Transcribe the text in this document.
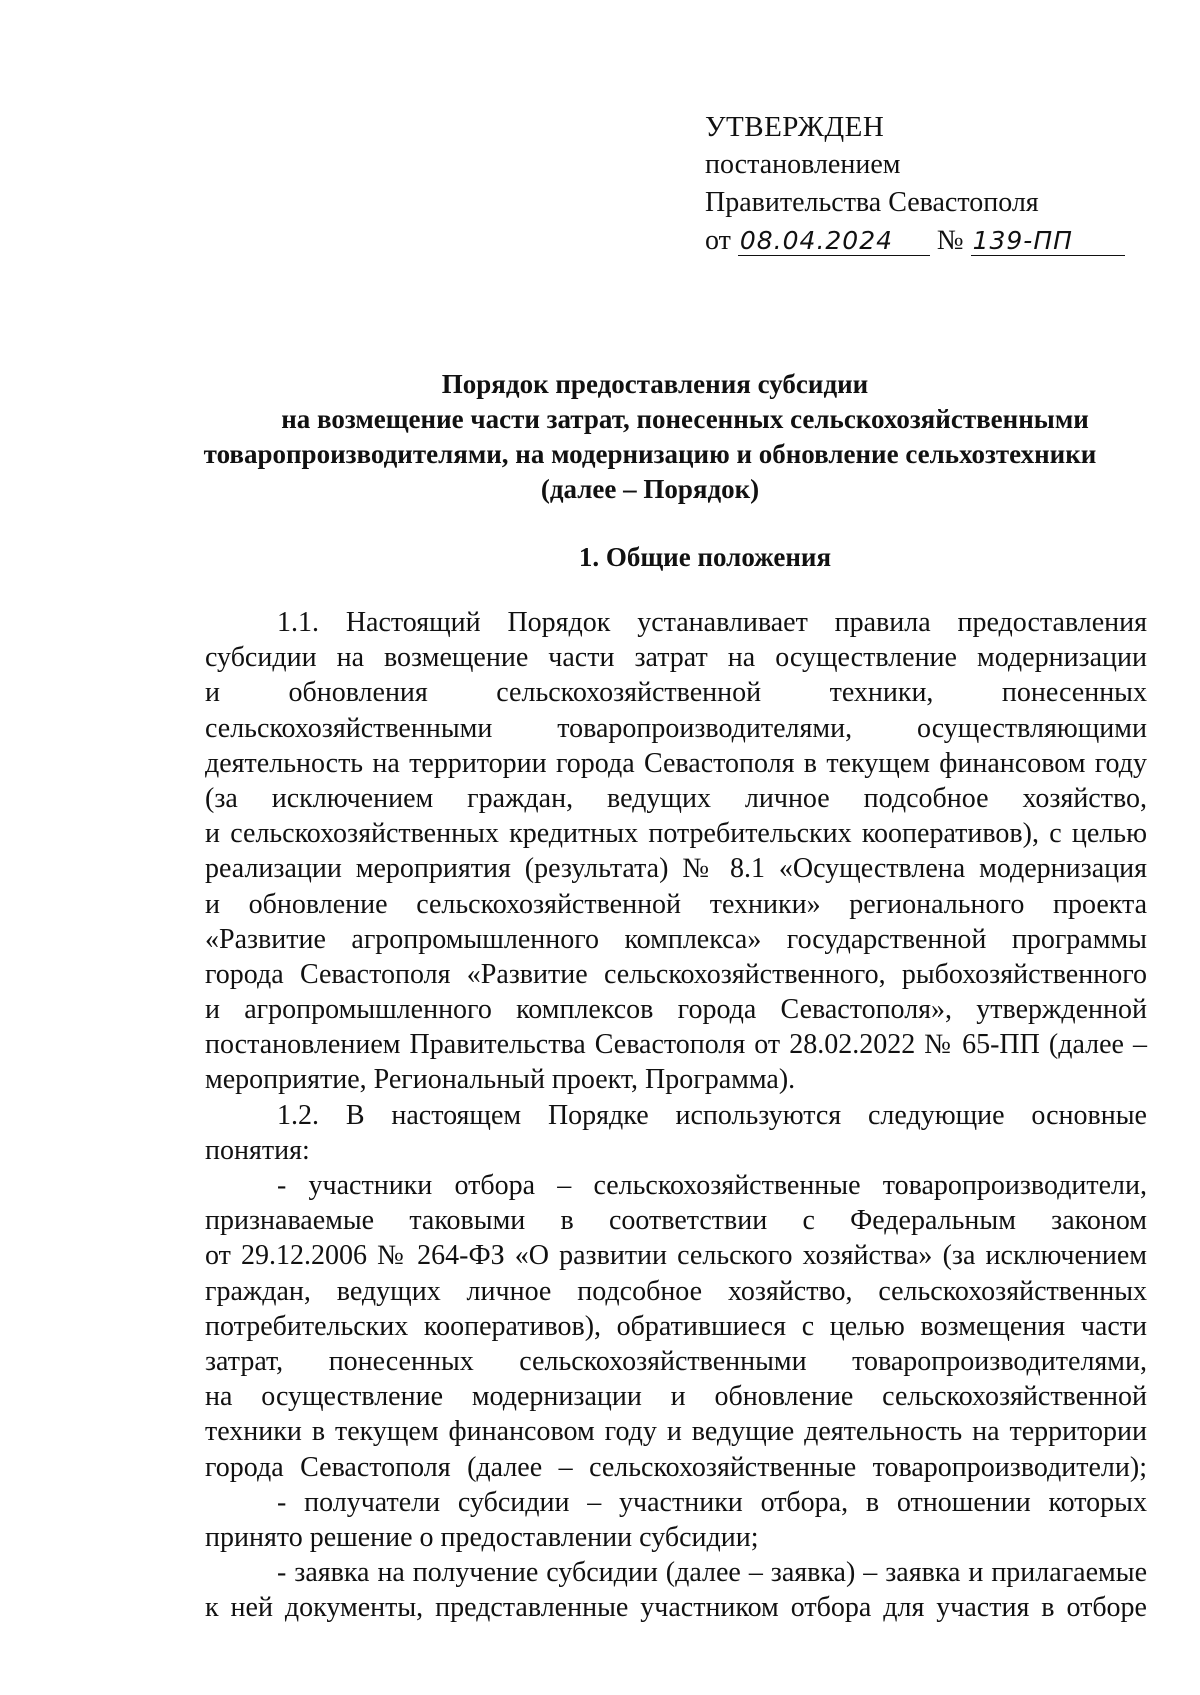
УТВЕРЖДЕН
постановлением
Правительства Севастополя
от 08.04.2024 № 139-ПП
Порядок предоставления субсидии
на возмещение части затрат, понесенных сельскохозяйственными
товаропроизводителями, на модернизацию и обновление сельхозтехники
(далее – Порядок)
1. Общие положения
1.1. Настоящий Порядок устанавливает правила предоставления
субсидии на возмещение части затрат на осуществление модернизации
и обновления сельскохозяйственной техники, понесенных
сельскохозяйственными товаропроизводителями, осуществляющими
деятельность на территории города Севастополя в текущем финансовом году
(за исключением граждан, ведущих личное подсобное хозяйство,
и сельскохозяйственных кредитных потребительских кооперативов), с целью
реализации мероприятия (результата) № 8.1 «Осуществлена модернизация
и обновление сельскохозяйственной техники» регионального проекта
«Развитие агропромышленного комплекса» государственной программы
города Севастополя «Развитие сельскохозяйственного, рыбохозяйственного
и агропромышленного комплексов города Севастополя», утвержденной
постановлением Правительства Севастополя от 28.02.2022 № 65-ПП (далее –
мероприятие, Региональный проект, Программа).
1.2. В настоящем Порядке используются следующие основные
понятия:
- участники отбора – сельскохозяйственные товаропроизводители,
признаваемые таковыми в соответствии с Федеральным законом
от 29.12.2006 № 264-ФЗ «О развитии сельского хозяйства» (за исключением
граждан, ведущих личное подсобное хозяйство, сельскохозяйственных
потребительских кооперативов), обратившиеся с целью возмещения части
затрат, понесенных сельскохозяйственными товаропроизводителями,
на осуществление модернизации и обновление сельскохозяйственной
техники в текущем финансовом году и ведущие деятельность на территории
города Севастополя (далее – сельскохозяйственные товаропроизводители);
- получатели субсидии – участники отбора, в отношении которых
принято решение о предоставлении субсидии;
- заявка на получение субсидии (далее – заявка) – заявка и прилагаемые
к ней документы, представленные участником отбора для участия в отборе
